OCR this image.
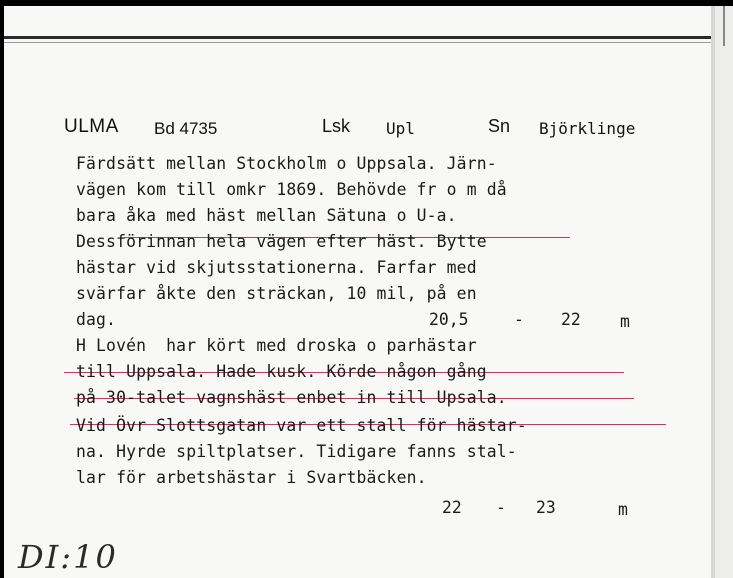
ULMA Bd 4735	Lsk Upl	Sn Björklinge
Färdsätt mellan Stockholm o Uppsala. Järn-
vägen kom till omkr 1869. Behövde fr o m då
bara åka med häst mellan Sätuna o U-a.
Dessförinnan hela vägen efter häst. Bytte
hästar vid skjutsstationerna. Farfar med
svärfar åkte den sträckan, 10 mil, på en
dag.	20,5	- 22 m
H Lovén  har kört med droska o parhästar
till Uppsala. Hade kusk. Körde någon gång
på 30-talet vagnshäst enbet in till Upsala.
Vid Övr Slottsgatan var ett stall för hästar-
na. Hyrde spiltplatser. Tidigare fanns stal-
lar för arbetshästar i Svartbäcken.
22 - 23	m
DI:10
